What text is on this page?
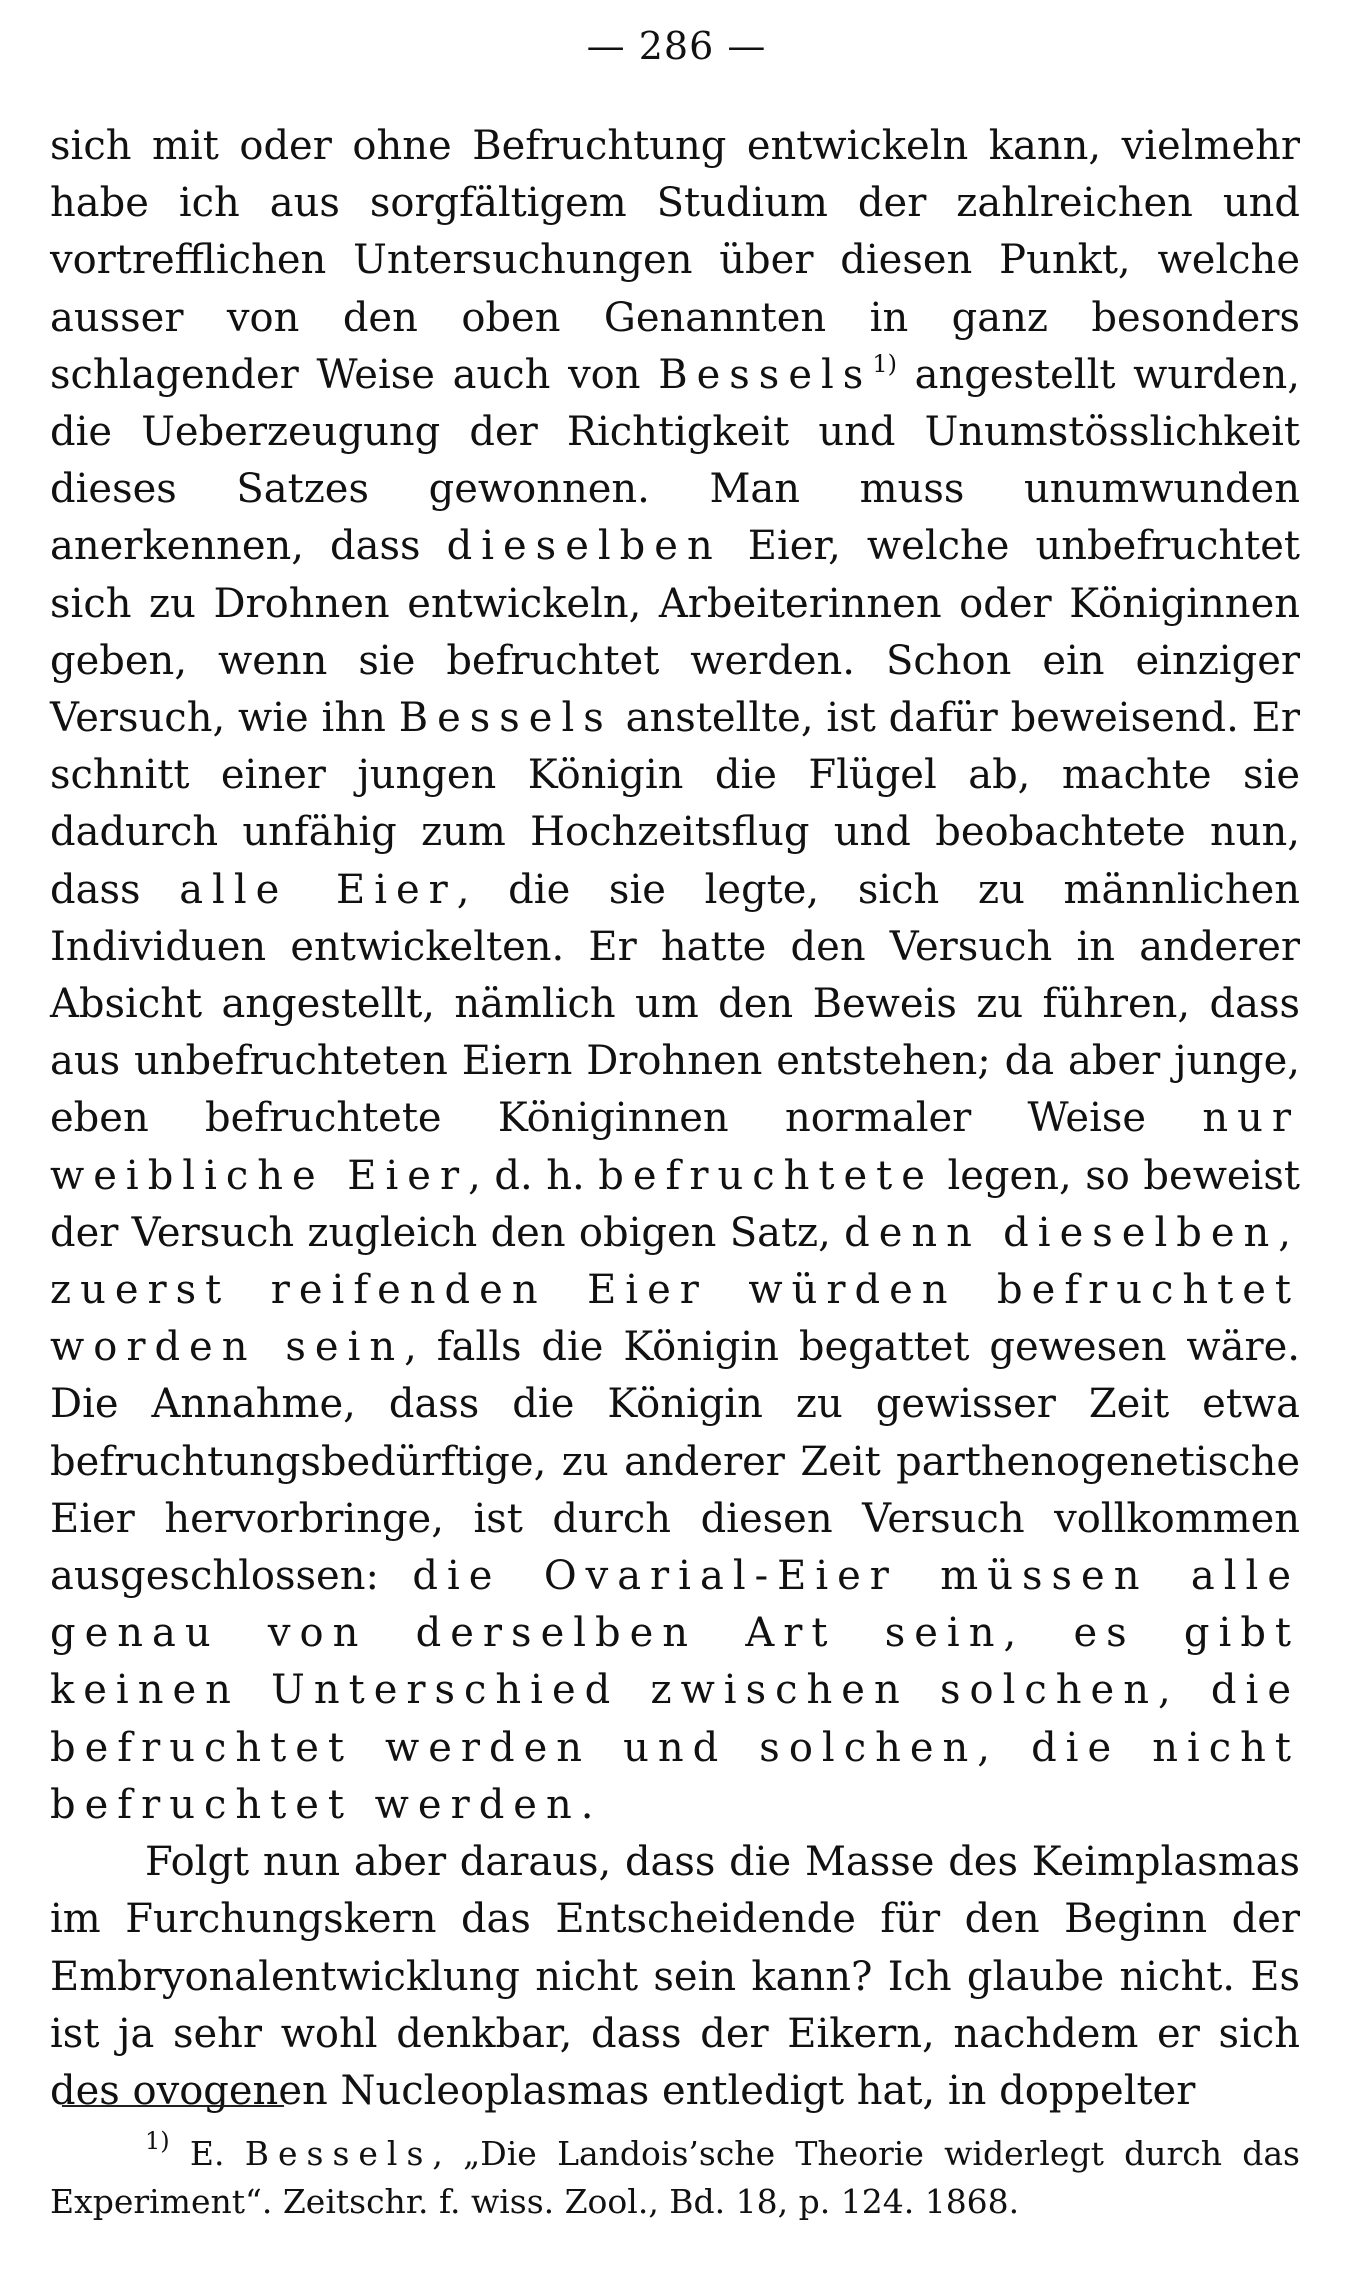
— 286 —

sich mit oder ohne Befruchtung entwickeln kann, vielmehr habe ich aus sorgfältigem Studium der zahlreichen und vortrefflichen Untersuchungen über diesen Punkt, welche ausser von den oben Genannten in ganz besonders schlagender Weise auch von Bessels$^{1)}$ angestellt wurden, die Ueberzeugung der Richtigkeit und Unumstösslichkeit dieses Satzes gewonnen. Man muss unumwunden anerkennen, dass dieselben Eier, welche unbefruchtet sich zu Drohnen entwickeln, Arbeiterinnen oder Königinnen geben, wenn sie befruchtet werden. Schon ein einziger Versuch, wie ihn Bessels anstellte, ist dafür beweisend. Er schnitt einer jungen Königin die Flügel ab, machte sie dadurch unfähig zum Hochzeitsflug und beobachtete nun, dass alle Eier, die sie legte, sich zu männlichen Individuen entwickelten. Er hatte den Versuch in anderer Absicht angestellt, nämlich um den Beweis zu führen, dass aus unbefruchteten Eiern Drohnen entstehen; da aber junge, eben befruchtete Königinnen normaler Weise nur weibliche Eier, d. h. befruchtete legen, so beweist der Versuch zugleich den obigen Satz, denn dieselben, zuerst reifenden Eier würden befruchtet worden sein, falls die Königin begattet gewesen wäre. Die Annahme, dass die Königin zu gewisser Zeit etwa befruchtungsbedürftige, zu anderer Zeit parthenogenetische Eier hervorbringe, ist durch diesen Versuch vollkommen ausgeschlossen: die Ovarial-Eier müssen alle genau von derselben Art sein, es gibt keinen Unterschied zwischen solchen, die befruchtet werden und solchen, die nicht befruchtet werden.

Folgt nun aber daraus, dass die Masse des Keimplasmas im Furchungskern das Entscheidende für den Beginn der Embryonalentwicklung nicht sein kann? Ich glaube nicht. Es ist ja sehr wohl denkbar, dass der Eikern, nachdem er sich des ovogenen Nucleoplasmas entledigt hat, in doppelter

$^{1)}$ E. Bessels, „Die Landois’sche Theorie widerlegt durch das Experiment“. Zeitschr. f. wiss. Zool., Bd. 18, p. 124. 1868.
